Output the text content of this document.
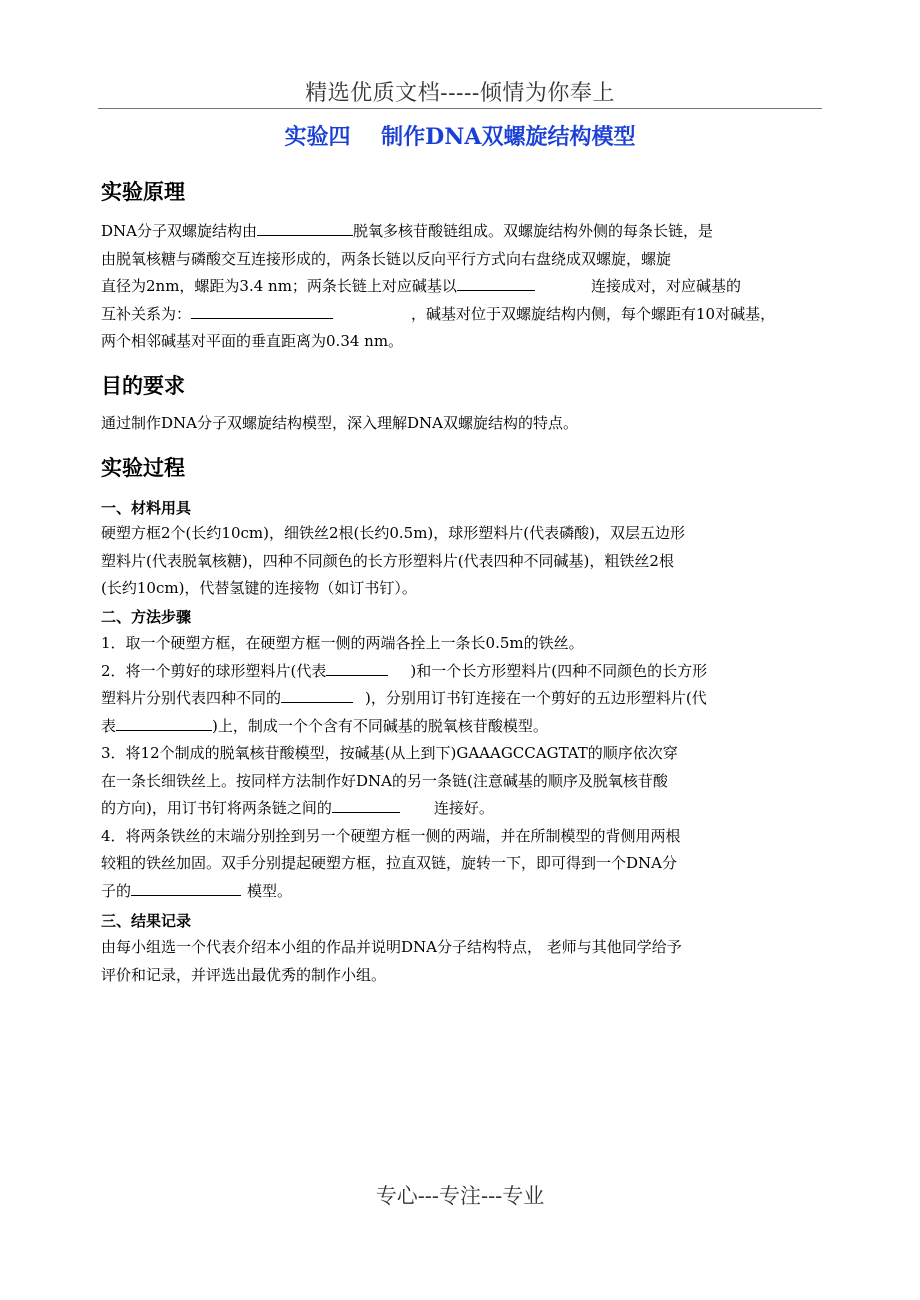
精选优质文档-----倾情为你奉上
实验四    制作DNA双螺旋结构模型
实验原理
DNA分子双螺旋结构由	脱氧多核苷酸链组成。双螺旋结构外侧的每条长链，是
由脱氧核糖与磷酸交互连接形成的，两条长链以反向平行方式向右盘绕成双螺旋，螺旋
直径为2nm，螺距为3.4 nm；两条长链上对应碱基以	连接成对，对应碱基的
互补关系为：	，碱基对位于双螺旋结构内侧，每个螺距有10对碱基，
两个相邻碱基对平面的垂直距离为0.34 nm。
目的要求
通过制作DNA分子双螺旋结构模型，深入理解DNA双螺旋结构的特点。
实验过程
一、材料用具
硬塑方框2个(长约10cm)，细铁丝2根(长约0.5m)，球形塑料片(代表磷酸)，双层五边形
塑料片(代表脱氧核糖)，四种不同颜色的长方形塑料片(代表四种不同碱基)，粗铁丝2根
(长约10cm)，代替氢键的连接物（如订书钉）。
二、方法步骤
1．取一个硬塑方框，在硬塑方框一侧的两端各拴上一条长0.5m的铁丝。
2．将一个剪好的球形塑料片(代表	)和一个长方形塑料片(四种不同颜色的长方形
塑料片分别代表四种不同的	)，分别用订书钉连接在一个剪好的五边形塑料片(代
表	)上，制成一个个含有不同碱基的脱氧核苷酸模型。
3．将12个制成的脱氧核苷酸模型，按碱基(从上到下)GAAAGCCAGTAT的顺序依次穿
在一条长细铁丝上。按同样方法制作好DNA的另一条链(注意碱基的顺序及脱氧核苷酸
的方向)，用订书钉将两条链之间的	连接好。
4．将两条铁丝的末端分别拴到另一个硬塑方框一侧的两端，并在所制模型的背侧用两根
较粗的铁丝加固。双手分别提起硬塑方框，拉直双链，旋转一下，即可得到一个DNA分
子的	模型。
三、结果记录
由每小组选一个代表介绍本小组的作品并说明DNA分子结构特点， 老师与其他同学给予
评价和记录，并评选出最优秀的制作小组。
专心---专注---专业
